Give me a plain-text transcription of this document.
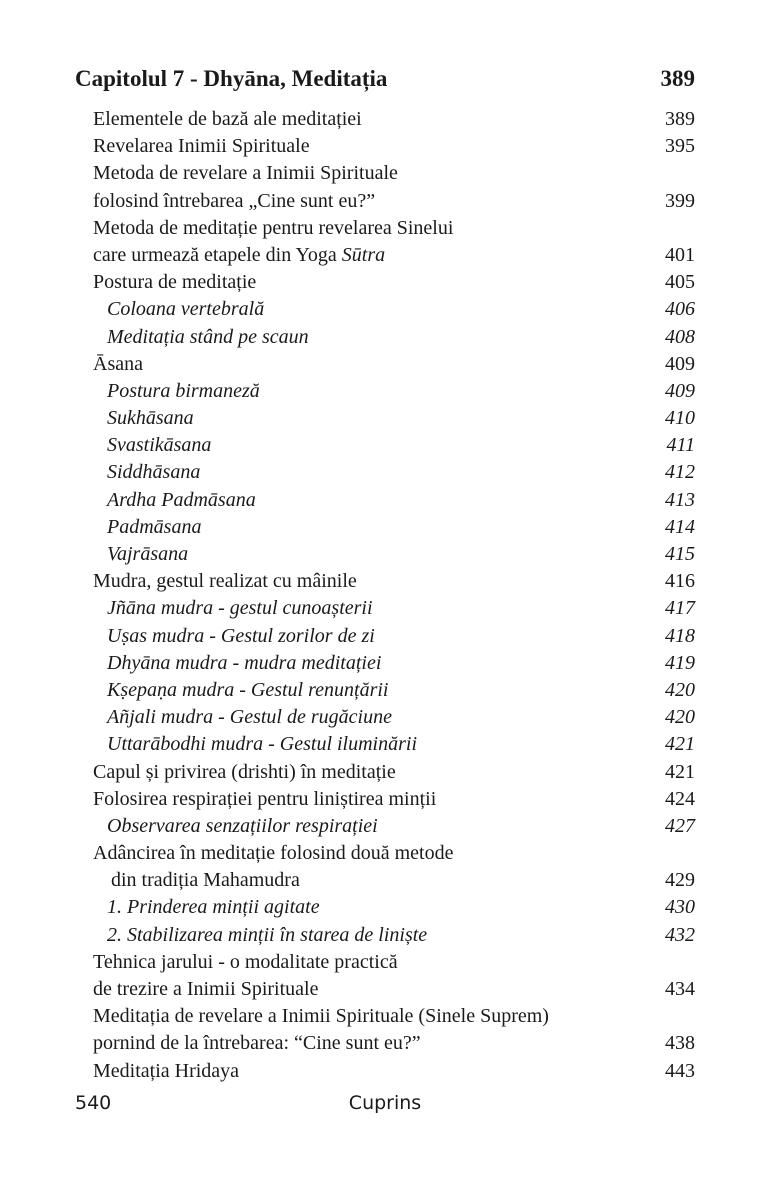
Capitolul 7 - Dhyāna, Meditația	389
Elementele de bază ale meditației	389
Revelarea Inimii Spirituale	395
Metoda de revelare a Inimii Spirituale
folosind întrebarea „Cine sunt eu?”	399
Metoda de meditație pentru revelarea Sinelui
care urmează etapele din Yoga Sūtra	401
Postura de meditație	405
Coloana vertebrală	406
Meditația stând pe scaun	408
Āsana	409
Postura birmaneză	409
Sukhāsana	410
Svastikāsana	411
Siddhāsana	412
Ardha Padmāsana	413
Padmāsana	414
Vajrāsana	415
Mudra, gestul realizat cu mâinile	416
Jñāna mudra - gestul cunoașterii	417
Uṣas mudra - Gestul zorilor de zi	418
Dhyāna mudra - mudra meditației	419
Kṣepaṇa mudra - Gestul renunțării	420
Añjali mudra - Gestul de rugăciune	420
Uttarābodhi mudra - Gestul iluminării	421
Capul și privirea (drishti) în meditație	421
Folosirea respirației pentru liniștirea minții	424
Observarea senzațiilor respirației	427
Adâncirea în meditație folosind două metode
din tradiția Mahamudra	429
1. Prinderea minții agitate	430
2. Stabilizarea minții în starea de liniște	432
Tehnica jarului - o modalitate practică
de trezire a Inimii Spirituale	434
Meditația de revelare a Inimii Spirituale (Sinele Suprem)
pornind de la întrebarea: “Cine sunt eu?”	438
Meditația Hridaya	443
540	Cuprins
